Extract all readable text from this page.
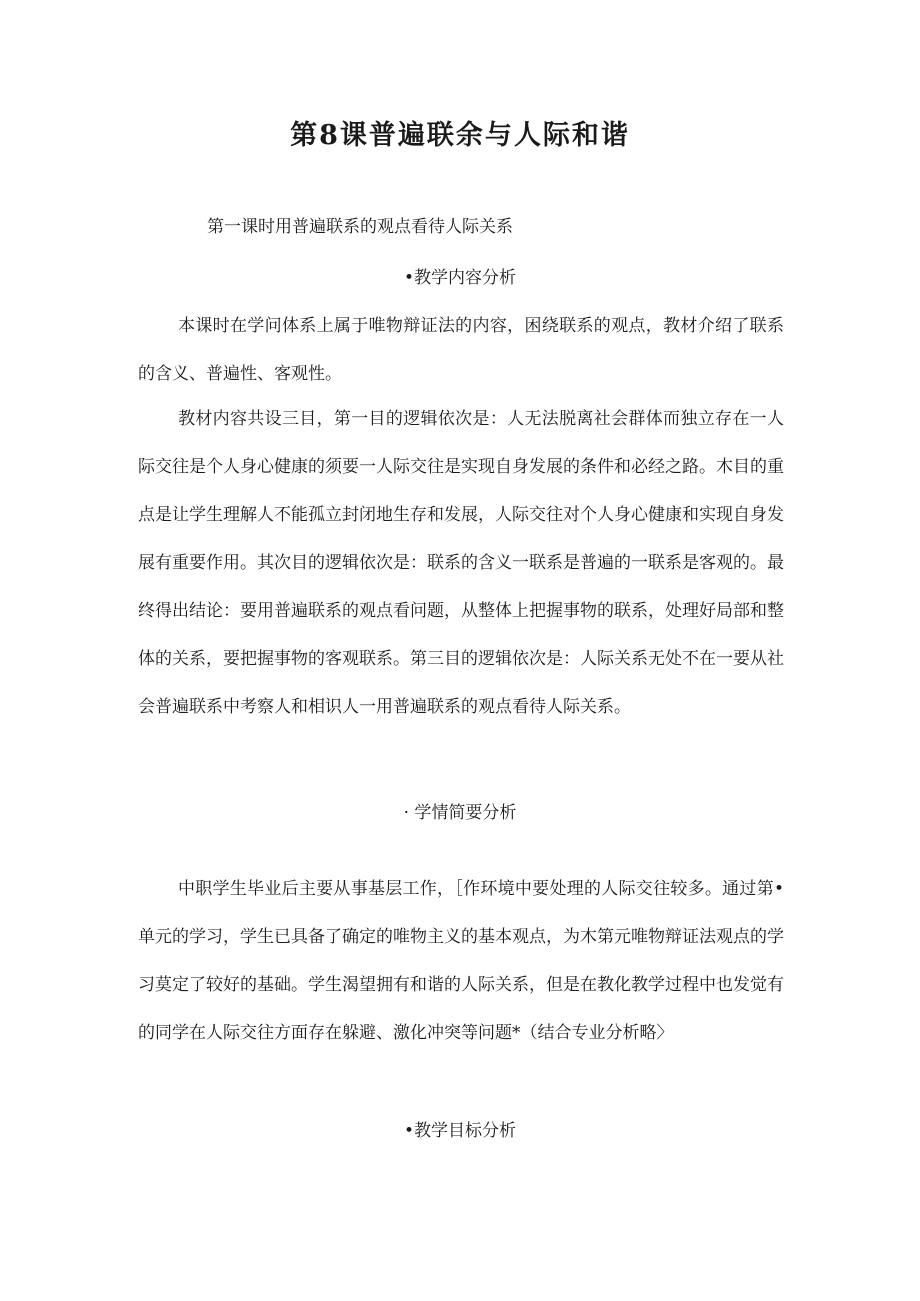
第8课普遍联余与人际和谐
第一课时用普遍联系的观点看待人际关系
•教学内容分析

本课时在学问体系上属于唯物辩证法的内容，困绕联系的观点，教材介绍了联系的含义、普遍性、客观性。

教材内容共设三目，第一目的逻辑依次是：人无法脱离社会群体而独立存在一人际交往是个人身心健康的须要一人际交往是实现自身发展的条件和必经之路。木目的重点是让学生理解人不能孤立封闭地生存和发展，人际交往对个人身心健康和实现自身发展有重要作用。其次目的逻辑依次是：联系的含义一联系是普遍的一联系是客观的。最终得出结论：要用普遍联系的观点看问题，从整体上把握事物的联系，处理好局部和整体的关系，要把握事物的客观联系。第三目的逻辑依次是：人际关系无处不在一要从社会普遍联系中考察人和相识人一用普遍联系的观点看待人际关系。

· 学情简要分析

中职学生毕业后主要从事基层工作，［作环境中要处理的人际交往较多。通过第•单元的学习，学生已具备了确定的唯物主义的基本观点，为木第元唯物辩证法观点的学习莫定了较好的基础。学生渴望拥有和谐的人际关系，但是在教化教学过程中也发觉有的同学在人际交往方面存在躲避、激化冲突等问题*（结合专业分析略〉

•教学目标分析
